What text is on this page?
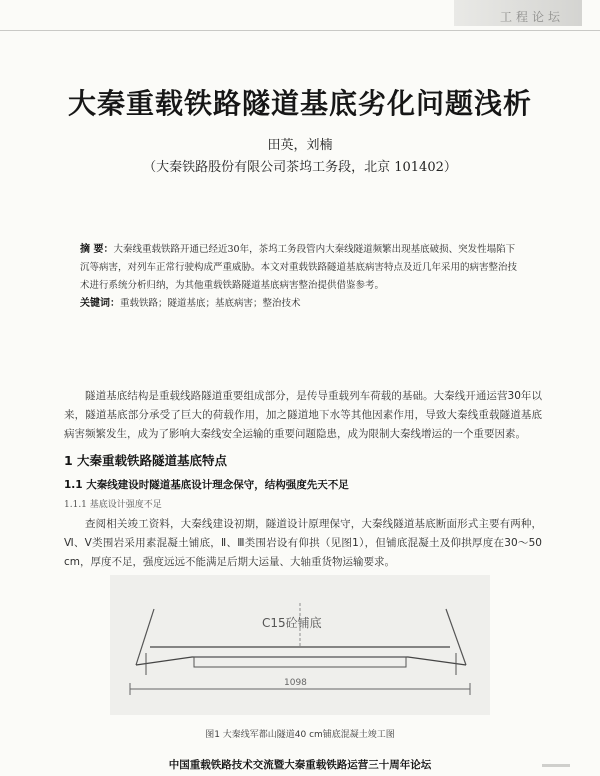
工程论坛
大秦重载铁路隧道基底劣化问题浅析
田英，刘楠
（大秦铁路股份有限公司茶坞工务段，北京 101402）
摘 要：大秦线重载铁路开通已经近30年，茶坞工务段管内大秦线隧道频繁出现基底破损、突发性塌陷下沉等病害，对列车正常行驶构成严重威胁。本文对重载铁路隧道基底病害特点及近几年采用的病害整治技术进行系统分析归纳，为其他重载铁路隧道基底病害整治提供借鉴参考。
关键词：重载铁路；隧道基底；基底病害；整治技术
隧道基底结构是重载线路隧道重要组成部分，是传导重载列车荷载的基础。大秦线开通运营30年以来，隧道基底部分承受了巨大的荷载作用，加之隧道地下水等其他因素作用，导致大秦线重载隧道基底病害频繁发生，成为了影响大秦线安全运输的重要问题隐患，成为限制大秦线增运的一个重要因素。
1 大秦重载铁路隧道基底特点
1.1 大秦线建设时隧道基底设计理念保守，结构强度先天不足
1.1.1 基底设计强度不足
查阅相关竣工资料，大秦线建设初期，隧道设计原理保守，大秦线隧道基底断面形式主要有两种，Ⅵ、Ⅴ类围岩采用素混凝土铺底，Ⅱ、Ⅲ类围岩设有仰拱（见图1），但铺底混凝土及仰拱厚度在30～50 cm，厚度不足，强度远远不能满足后期大运量、大轴重货物运输要求。
C15砼铺底
1098
图1 大秦线军都山隧道40 cm铺底混凝土竣工图
中国重载铁路技术交流暨大秦重载铁路运营三十周年论坛
